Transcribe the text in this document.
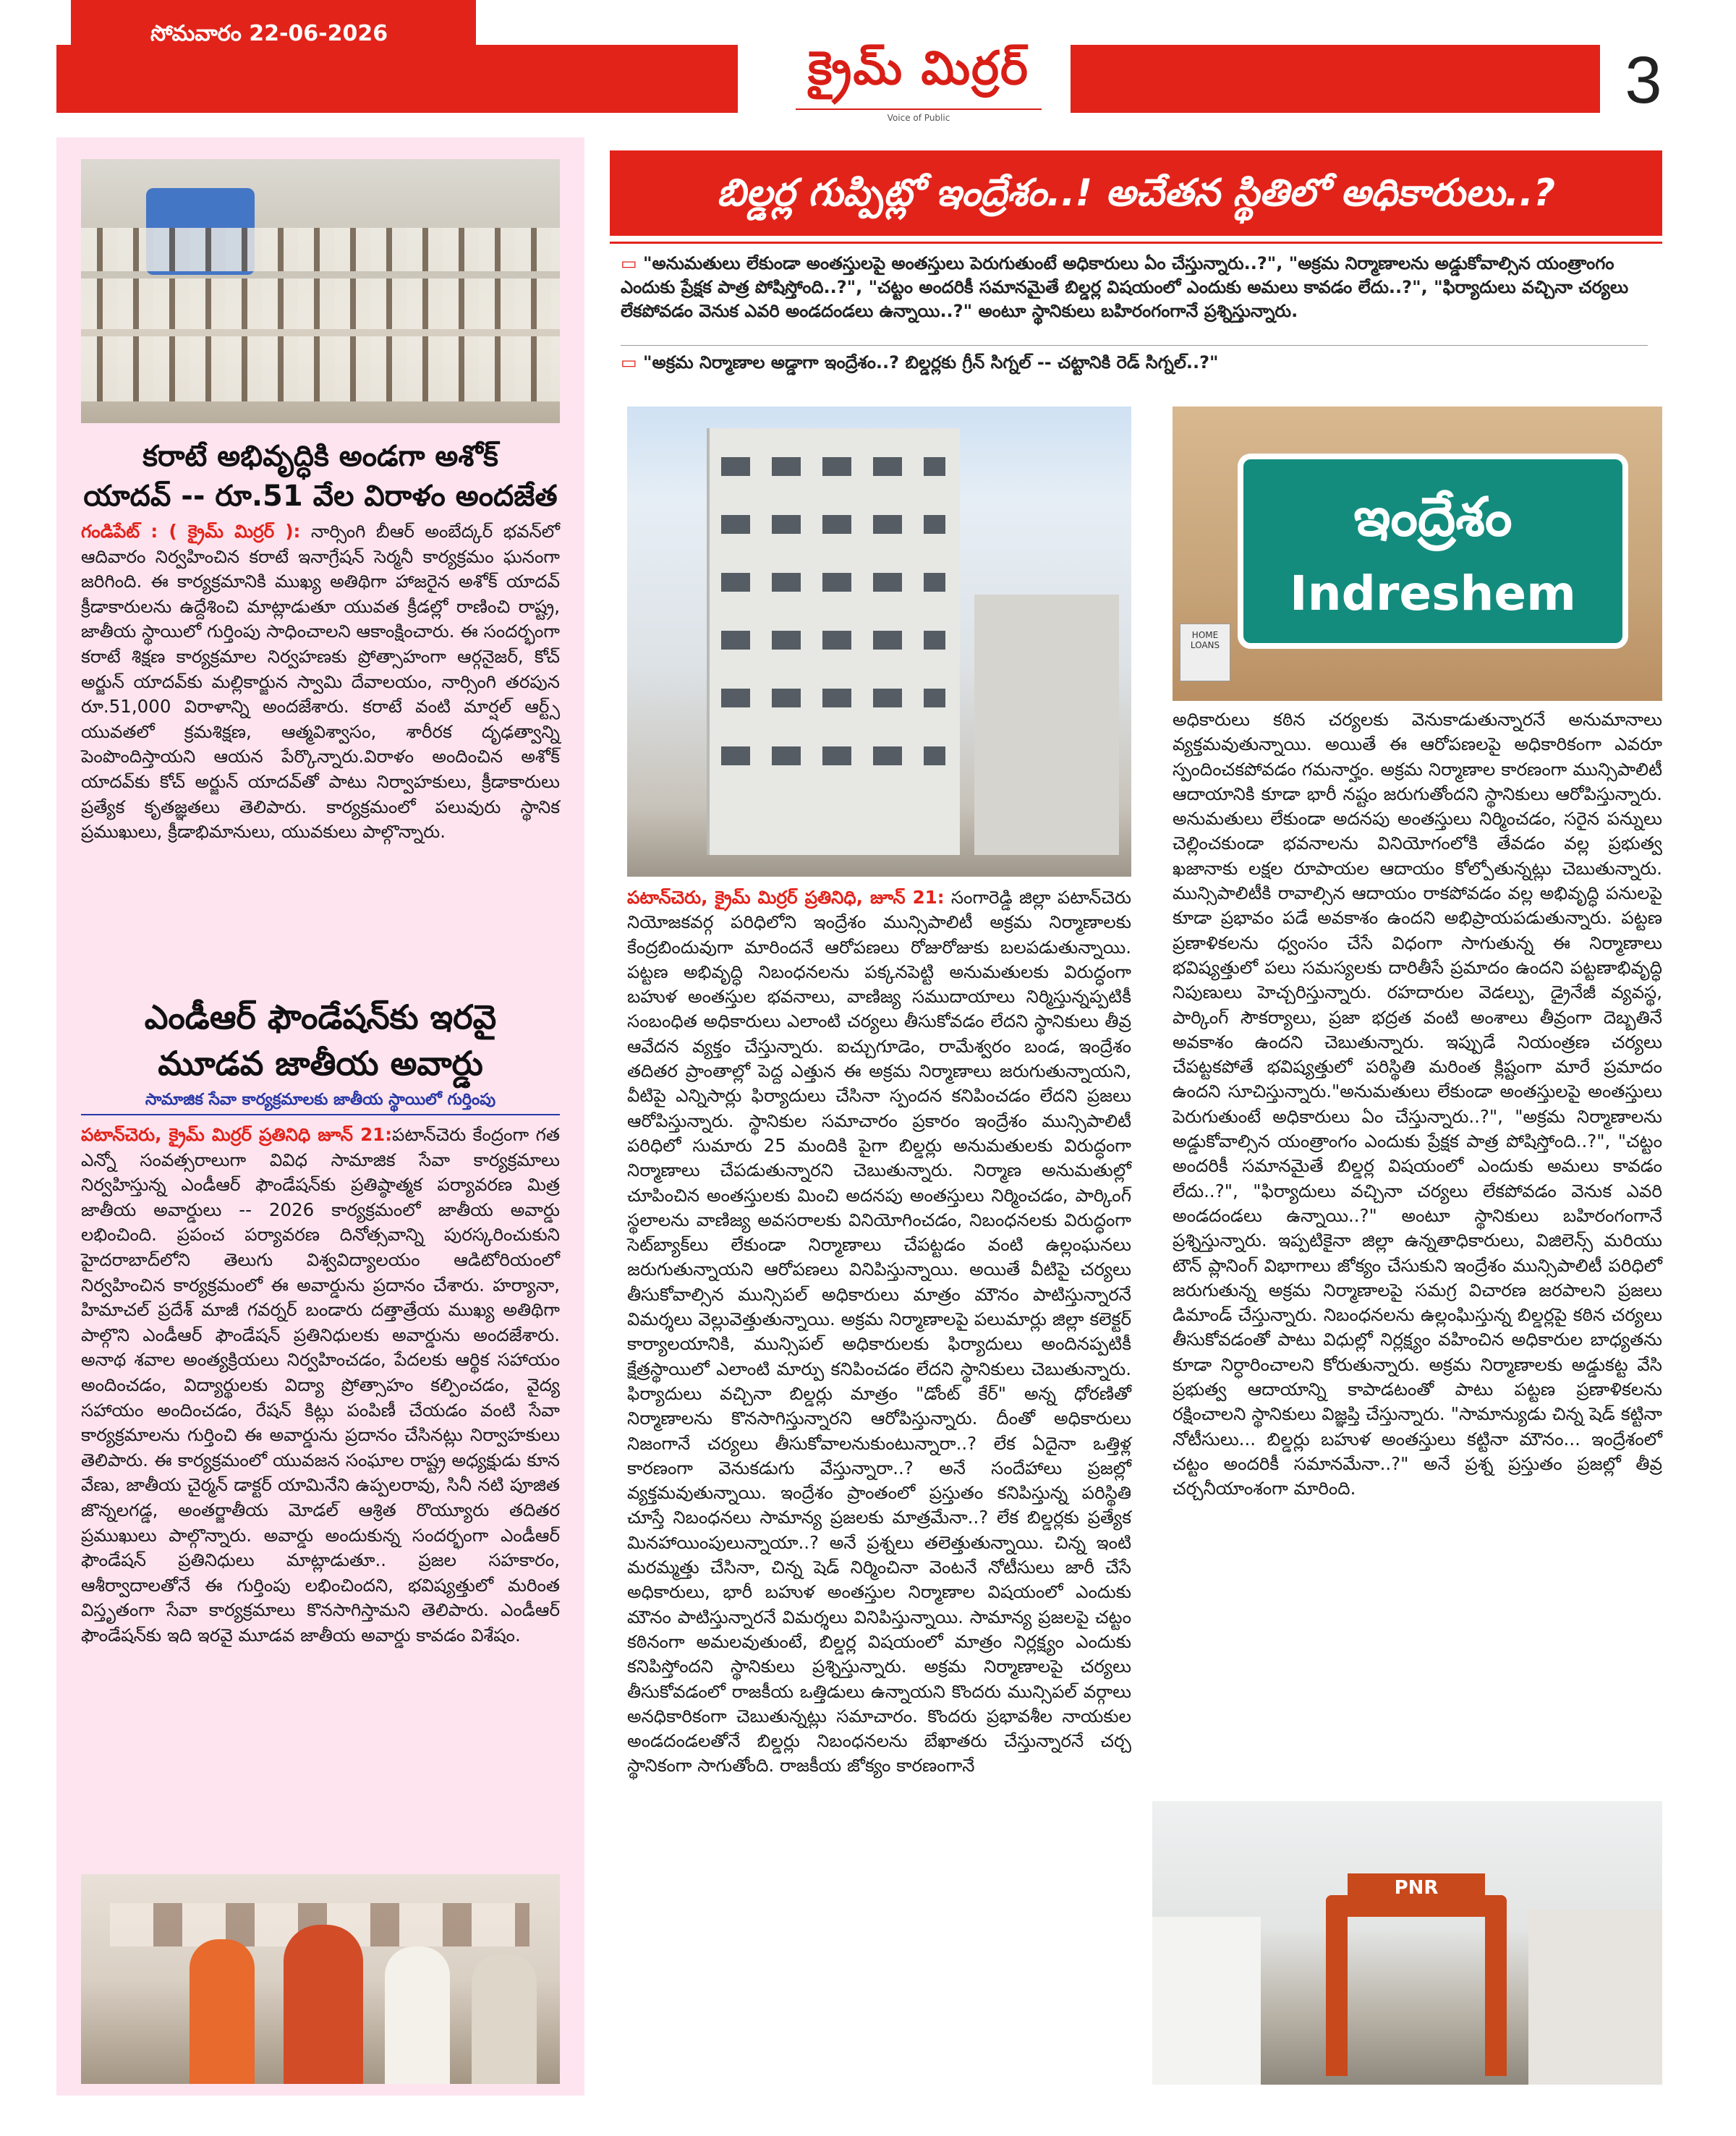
సోమవారం 22-06-2026
క్రైమ్ మిర్రర్
Voice of Public
3
కరాటే అభివృద్ధికి అండగా అశోక్
యాదవ్ -- రూ.51 వేల విరాళం అందజేత
గండిపేట్ : ( క్రైమ్ మిర్రర్ ): నార్సింగి బీఆర్ అంబేద్కర్ భవన్‌లో ఆదివారం నిర్వహించిన కరాటే ఇనాగ్రేషన్ సెర్మనీ కార్యక్రమం ఘనంగా జరిగింది. ఈ కార్యక్రమానికి ముఖ్య అతిథిగా హాజరైన అశోక్ యాదవ్ క్రీడాకారులను ఉద్దేశించి మాట్లాడుతూ యువత క్రీడల్లో రాణించి రాష్ట్ర, జాతీయ స్థాయిలో గుర్తింపు సాధించాలని ఆకాంక్షించారు. ఈ సందర్భంగా కరాటే శిక్షణ కార్యక్రమాల నిర్వహణకు ప్రోత్సాహంగా ఆర్గనైజర్, కోచ్ అర్జున్ యాదవ్‌కు మల్లికార్జున స్వామి దేవాలయం, నార్సింగి తరపున రూ.51,000 విరాళాన్ని అందజేశారు. కరాటే వంటి మార్షల్ ఆర్ట్స్ యువతలో క్రమశిక్షణ, ఆత్మవిశ్వాసం, శారీరక దృఢత్వాన్ని పెంపొందిస్తాయని ఆయన పేర్కొన్నారు.విరాళం అందించిన అశోక్ యాదవ్‌కు కోచ్ అర్జున్ యాదవ్‌తో పాటు నిర్వాహకులు, క్రీడాకారులు ప్రత్యేక కృతజ్ఞతలు తెలిపారు. కార్యక్రమంలో పలువురు స్థానిక ప్రముఖులు, క్రీడాభిమానులు, యువకులు పాల్గొన్నారు.
ఎండీఆర్ ఫౌండేషన్‌కు ఇరవై
మూడవ జాతీయ అవార్డు
సామాజిక సేవా కార్యక్రమాలకు జాతీయ స్థాయిలో గుర్తింపు
పటాన్‌చెరు, క్రైమ్ మిర్రర్ ప్రతినిధి జూన్ 21:పటాన్‌చెరు కేంద్రంగా గత ఎన్నో సంవత్సరాలుగా వివిధ సామాజిక సేవా కార్యక్రమాలు నిర్వహిస్తున్న ఎండీఆర్ ఫౌండేషన్‌కు ప్రతిష్ఠాత్మక పర్యావరణ మిత్ర జాతీయ అవార్డులు -- 2026 కార్యక్రమంలో జాతీయ అవార్డు లభించింది. ప్రపంచ పర్యావరణ దినోత్సవాన్ని పురస్కరించుకుని హైదరాబాద్‌లోని తెలుగు విశ్వవిద్యాలయం ఆడిటోరియంలో నిర్వహించిన కార్యక్రమంలో ఈ అవార్డును ప్రదానం చేశారు. హర్యానా, హిమాచల్ ప్రదేశ్ మాజీ గవర్నర్ బండారు దత్తాత్రేయ ముఖ్య అతిథిగా పాల్గొని ఎండీఆర్ ఫౌండేషన్ ప్రతినిధులకు అవార్డును అందజేశారు. అనాథ శవాల అంత్యక్రియలు నిర్వహించడం, పేదలకు ఆర్థిక సహాయం అందించడం, విద్యార్థులకు విద్యా ప్రోత్సాహం కల్పించడం, వైద్య సహాయం అందించడం, రేషన్ కిట్లు పంపిణీ చేయడం వంటి సేవా కార్యక్రమాలను గుర్తించి ఈ అవార్డును ప్రదానం చేసినట్లు నిర్వాహకులు తెలిపారు. ఈ కార్యక్రమంలో యువజన సంఘాల రాష్ట్ర అధ్యక్షుడు కూన వేణు, జాతీయ చైర్మన్ డాక్టర్ యామినేని ఉప్పలరావు, సినీ నటి పూజిత జొన్నలగడ్డ, అంతర్జాతీయ మోడల్ ఆశ్రిత రొయ్యూరు తదితర ప్రముఖులు పాల్గొన్నారు. అవార్డు అందుకున్న సందర్భంగా ఎండీఆర్ ఫౌండేషన్ ప్రతినిధులు మాట్లాడుతూ.. ప్రజల సహకారం, ఆశీర్వాదాలతోనే ఈ గుర్తింపు లభించిందని, భవిష్యత్తులో మరింత విస్తృతంగా సేవా కార్యక్రమాలు కొనసాగిస్తామని తెలిపారు. ఎండీఆర్ ఫౌండేషన్‌కు ఇది ఇరవై మూడవ జాతీయ అవార్డు కావడం విశేషం.
బిల్డర్ల గుప్పిట్లో ఇంద్రేశం..! అచేతన స్థితిలో అధికారులు..?
▭⁠ "అనుమతులు లేకుండా అంతస్తులపై అంతస్తులు పెరుగుతుంటే అధికారులు ఏం చేస్తున్నారు..?", "అక్రమ నిర్మాణాలను అడ్డుకోవాల్సిన యంత్రాంగం ఎందుకు ప్రేక్షక పాత్ర పోషిస్తోంది..?", "చట్టం అందరికీ సమానమైతే బిల్డర్ల విషయంలో ఎందుకు అమలు కావడం లేదు..?", "ఫిర్యాదులు వచ్చినా చర్యలు లేకపోవడం వెనుక ఎవరి అండదండలు ఉన్నాయి..?" అంటూ స్థానికులు బహిరంగంగానే ప్రశ్నిస్తున్నారు.
▭⁠ "అక్రమ నిర్మాణాల అడ్డాగా ఇంద్రేశం..? బిల్డర్లకు గ్రీన్ సిగ్నల్ -- చట్టానికి రెడ్ సిగ్నల్..?"
ఇంద్రేశం
Indreshem
HOME LOANS
పటాన్‌చెరు, క్రైమ్ మిర్రర్ ప్రతినిధి, జూన్ 21: సంగారెడ్డి జిల్లా పటాన్‌చెరు నియోజకవర్గ పరిధిలోని ఇంద్రేశం మున్సిపాలిటీ అక్రమ నిర్మాణాలకు కేంద్రబిందువుగా మారిందనే ఆరోపణలు రోజురోజుకు బలపడుతున్నాయి. పట్టణ అభివృద్ధి నిబంధనలను పక్కనపెట్టి అనుమతులకు విరుద్ధంగా బహుళ అంతస్తుల భవనాలు, వాణిజ్య సముదాయాలు నిర్మిస్తున్నప్పటికీ సంబంధిత అధికారులు ఎలాంటి చర్యలు తీసుకోవడం లేదని స్థానికులు తీవ్ర ఆవేదన వ్యక్తం చేస్తున్నారు. ఐచ్చుగూడెం, రామేశ్వరం బండ, ఇంద్రేశం తదితర ప్రాంతాల్లో పెద్ద ఎత్తున ఈ అక్రమ నిర్మాణాలు జరుగుతున్నాయని, వీటిపై ఎన్నిసార్లు ఫిర్యాదులు చేసినా స్పందన కనిపించడం లేదని ప్రజలు ఆరోపిస్తున్నారు. స్థానికుల సమాచారం ప్రకారం ఇంద్రేశం మున్సిపాలిటీ పరిధిలో సుమారు 25 మందికి పైగా బిల్డర్లు అనుమతులకు విరుద్ధంగా నిర్మాణాలు చేపడుతున్నారని చెబుతున్నారు. నిర్మాణ అనుమతుల్లో చూపించిన అంతస్తులకు మించి అదనపు అంతస్తులు నిర్మించడం, పార్కింగ్ స్థలాలను వాణిజ్య అవసరాలకు వినియోగించడం, నిబంధనలకు విరుద్ధంగా సెట్‌బ్యాక్‌లు లేకుండా నిర్మాణాలు చేపట్టడం వంటి ఉల్లంఘనలు జరుగుతున్నాయని ఆరోపణలు వినిపిస్తున్నాయి. అయితే వీటిపై చర్యలు తీసుకోవాల్సిన మున్సిపల్ అధికారులు మాత్రం మౌనం పాటిస్తున్నారనే విమర్శలు వెల్లువెత్తుతున్నాయి. అక్రమ నిర్మాణాలపై పలుమార్లు జిల్లా కలెక్టర్ కార్యాలయానికి, మున్సిపల్ అధికారులకు ఫిర్యాదులు అందినప్పటికీ క్షేత్రస్థాయిలో ఎలాంటి మార్పు కనిపించడం లేదని స్థానికులు చెబుతున్నారు. ఫిర్యాదులు వచ్చినా బిల్డర్లు మాత్రం "డోంట్ కేర్" అన్న ధోరణితో నిర్మాణాలను కొనసాగిస్తున్నారని ఆరోపిస్తున్నారు. దీంతో అధికారులు నిజంగానే చర్యలు తీసుకోవాలనుకుంటున్నారా..? లేక ఏదైనా ఒత్తిళ్ల కారణంగా వెనుకడుగు వేస్తున్నారా..? అనే సందేహాలు ప్రజల్లో వ్యక్తమవుతున్నాయి. ఇంద్రేశం ప్రాంతంలో ప్రస్తుతం కనిపిస్తున్న పరిస్థితి చూస్తే నిబంధనలు సామాన్య ప్రజలకు మాత్రమేనా..? లేక బిల్డర్లకు ప్రత్యేక మినహాయింపులున్నాయా..? అనే ప్రశ్నలు తలెత్తుతున్నాయి. చిన్న ఇంటి మరమ్మత్తు చేసినా, చిన్న షెడ్ నిర్మించినా వెంటనే నోటీసులు జారీ చేసే అధికారులు, భారీ బహుళ అంతస్తుల నిర్మాణాల విషయంలో ఎందుకు మౌనం పాటిస్తున్నారనే విమర్శలు వినిపిస్తున్నాయి. సామాన్య ప్రజలపై చట్టం కఠినంగా అమలవుతుంటే, బిల్డర్ల విషయంలో మాత్రం నిర్లక్ష్యం ఎందుకు కనిపిస్తోందని స్థానికులు ప్రశ్నిస్తున్నారు. అక్రమ నిర్మాణాలపై చర్యలు తీసుకోవడంలో రాజకీయ ఒత్తిడులు ఉన్నాయని కొందరు మున్సిపల్ వర్గాలు అనధికారికంగా చెబుతున్నట్లు సమాచారం. కొందరు ప్రభావశీల నాయకుల అండదండలతోనే బిల్డర్లు నిబంధనలను బేఖాతరు చేస్తున్నారనే చర్చ స్థానికంగా సాగుతోంది. రాజకీయ జోక్యం కారణంగానే
అధికారులు కఠిన చర్యలకు వెనుకాడుతున్నారనే అనుమానాలు వ్యక్తమవుతున్నాయి. అయితే ఈ ఆరోపణలపై అధికారికంగా ఎవరూ స్పందించకపోవడం గమనార్హం. అక్రమ నిర్మాణాల కారణంగా మున్సిపాలిటీ ఆదాయానికి కూడా భారీ నష్టం జరుగుతోందని స్థానికులు ఆరోపిస్తున్నారు. అనుమతులు లేకుండా అదనపు అంతస్తులు నిర్మించడం, సరైన పన్నులు చెల్లించకుండా భవనాలను వినియోగంలోకి తేవడం వల్ల ప్రభుత్వ ఖజానాకు లక్షల రూపాయల ఆదాయం కోల్పోతున్నట్లు చెబుతున్నారు. మున్సిపాలిటీకి రావాల్సిన ఆదాయం రాకపోవడం వల్ల అభివృద్ధి పనులపై కూడా ప్రభావం పడే అవకాశం ఉందని అభిప్రాయపడుతున్నారు. పట్టణ ప్రణాళికలను ధ్వంసం చేసే విధంగా సాగుతున్న ఈ నిర్మాణాలు భవిష్యత్తులో పలు సమస్యలకు దారితీసే ప్రమాదం ఉందని పట్టణాభివృద్ధి నిపుణులు హెచ్చరిస్తున్నారు. రహదారుల వెడల్పు, డ్రైనేజీ వ్యవస్థ, పార్కింగ్ సౌకర్యాలు, ప్రజా భద్రత వంటి అంశాలు తీవ్రంగా దెబ్బతినే అవకాశం ఉందని చెబుతున్నారు. ఇప్పుడే నియంత్రణ చర్యలు చేపట్టకపోతే భవిష్యత్తులో పరిస్థితి మరింత క్లిష్టంగా మారే ప్రమాదం ఉందని సూచిస్తున్నారు."అనుమతులు లేకుండా అంతస్తులపై అంతస్తులు పెరుగుతుంటే అధికారులు ఏం చేస్తున్నారు..?", "అక్రమ నిర్మాణాలను అడ్డుకోవాల్సిన యంత్రాంగం ఎందుకు ప్రేక్షక పాత్ర పోషిస్తోంది..?", "చట్టం అందరికీ సమానమైతే బిల్డర్ల విషయంలో ఎందుకు అమలు కావడం లేదు..?", "ఫిర్యాదులు వచ్చినా చర్యలు లేకపోవడం వెనుక ఎవరి అండదండలు ఉన్నాయి..?" అంటూ స్థానికులు బహిరంగంగానే ప్రశ్నిస్తున్నారు. ఇప్పటికైనా జిల్లా ఉన్నతాధికారులు, విజిలెన్స్ మరియు టౌన్ ప్లానింగ్ విభాగాలు జోక్యం చేసుకుని ఇంద్రేశం మున్సిపాలిటీ పరిధిలో జరుగుతున్న అక్రమ నిర్మాణాలపై సమగ్ర విచారణ జరపాలని ప్రజలు డిమాండ్ చేస్తున్నారు. నిబంధనలను ఉల్లంఘిస్తున్న బిల్డర్లపై కఠిన చర్యలు తీసుకోవడంతో పాటు విధుల్లో నిర్లక్ష్యం వహించిన అధికారుల బాధ్యతను కూడా నిర్ధారించాలని కోరుతున్నారు. అక్రమ నిర్మాణాలకు అడ్డుకట్ట వేసి ప్రభుత్వ ఆదాయాన్ని కాపాడటంతో పాటు పట్టణ ప్రణాళికలను రక్షించాలని స్థానికులు విజ్ఞప్తి చేస్తున్నారు. "సామాన్యుడు చిన్న షెడ్ కట్టినా నోటీసులు... బిల్డర్లు బహుళ అంతస్తులు కట్టినా మౌనం... ఇంద్రేశంలో చట్టం అందరికీ సమానమేనా..?" అనే ప్రశ్న ప్రస్తుతం ప్రజల్లో తీవ్ర చర్చనీయాంశంగా మారింది.
PNR
